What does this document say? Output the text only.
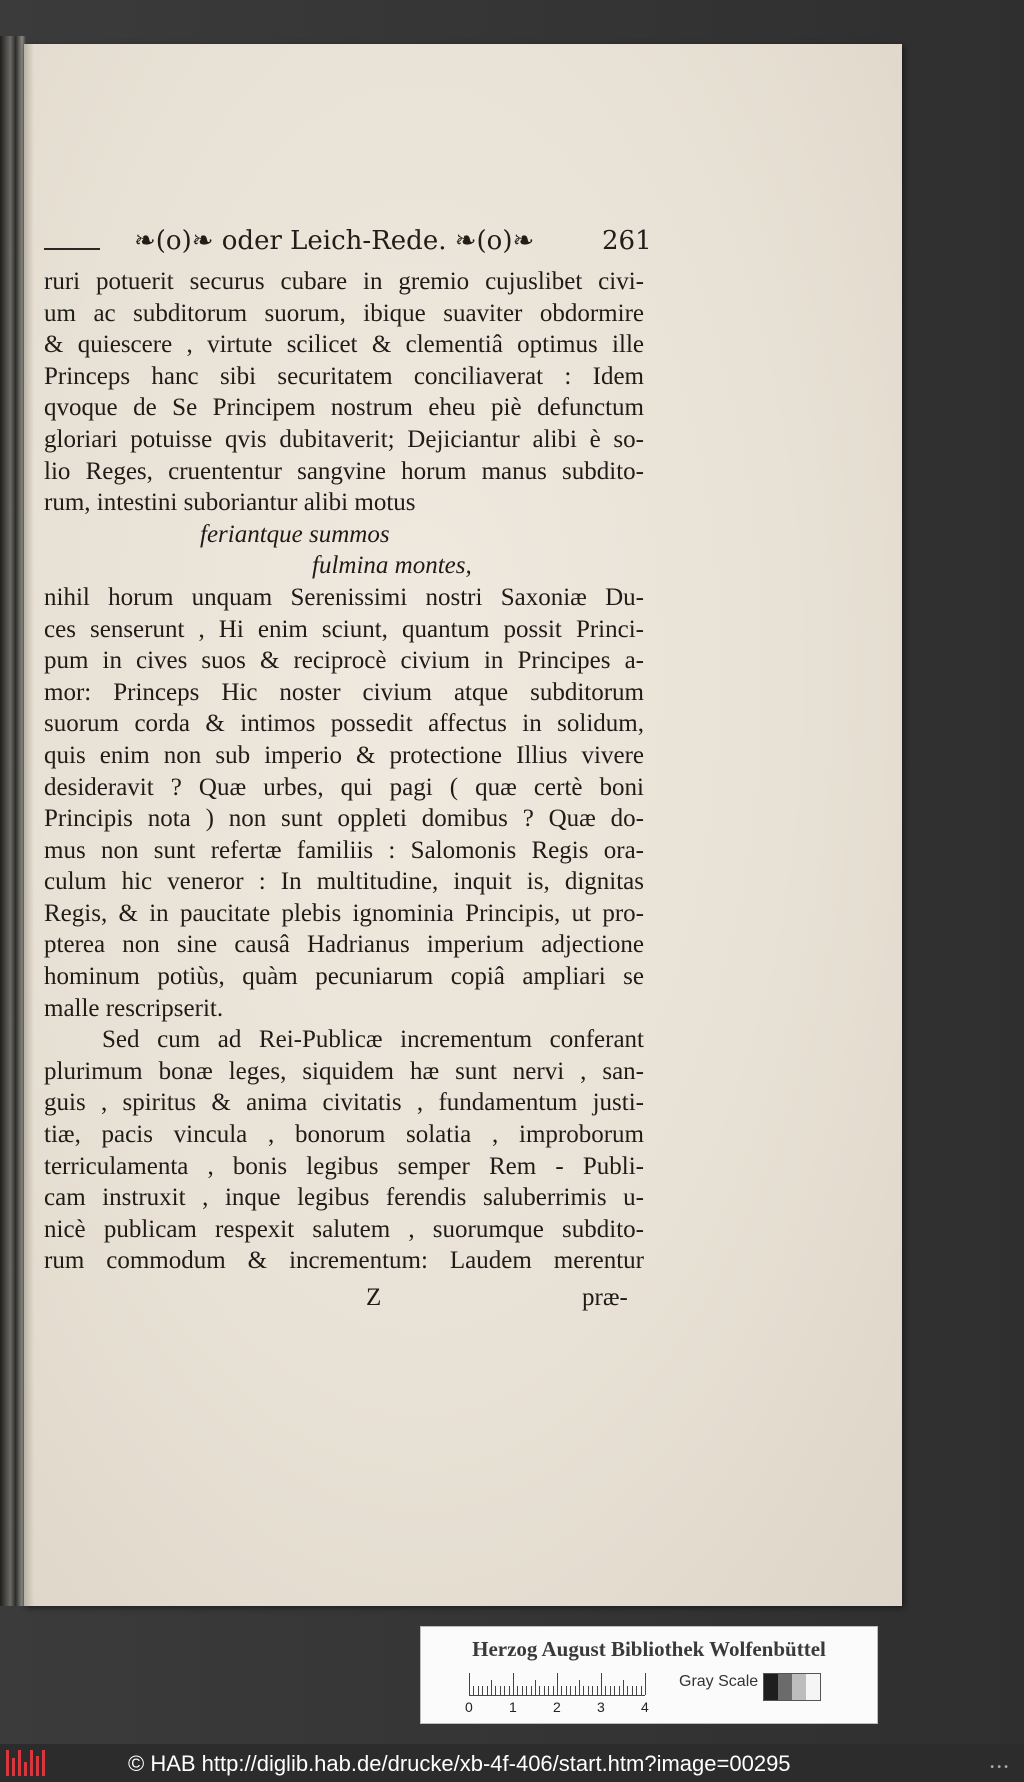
❧(o)❧ oder Leich-Rede. ❧(o)❧	261
ruri potuerit securus cubare in gremio cujuslibet civi-
um ac subditorum suorum, ibique suaviter obdormire
& quiescere , virtute scilicet & clementiâ optimus ille
Princeps hanc sibi securitatem conciliaverat : Idem
qvoque de Se Principem nostrum eheu piè defunctum
gloriari potuisse qvis dubitaverit; Dejiciantur alibi è so-
lio Reges, cruententur sangvine horum manus subdito-
rum, intestini suboriantur alibi motus
feriantque summos
fulmina montes,
nihil horum unquam Serenissimi nostri Saxoniæ Du-
ces senserunt , Hi enim sciunt, quantum possit Princi-
pum in cives suos & reciprocè civium in Principes a-
mor: Princeps Hic noster civium atque subditorum
suorum corda & intimos possedit affectus in solidum,
quis enim non sub imperio & protectione Illius vivere
desideravit ? Quæ urbes, qui pagi ( quæ certè boni
Principis nota ) non sunt oppleti domibus ? Quæ do-
mus non sunt refertæ familiis : Salomonis Regis ora-
culum hic veneror : In multitudine, inquit is, dignitas
Regis, & in paucitate plebis ignominia Principis, ut pro-
pterea non sine causâ Hadrianus imperium adjectione
hominum potiùs, quàm pecuniarum copiâ ampliari se
malle rescripserit.
Sed cum ad Rei-Publicæ incrementum conferant
plurimum bonæ leges, siquidem hæ sunt nervi , san-
guis , spiritus & anima civitatis , fundamentum justi-
tiæ, pacis vincula , bonorum solatia , improborum
terriculamenta , bonis legibus semper Rem - Publi-
cam instruxit , inque legibus ferendis saluberrimis u-
nicè publicam respexit salutem , suorumque subdito-
rum commodum & incrementum: Laudem merentur
Z	præ-
Herzog August Bibliothek Wolfenbüttel
0	1	2	3	4
Gray Scale
© HAB http://diglib.hab.de/drucke/xb-4f-406/start.htm?image=00295	•••
